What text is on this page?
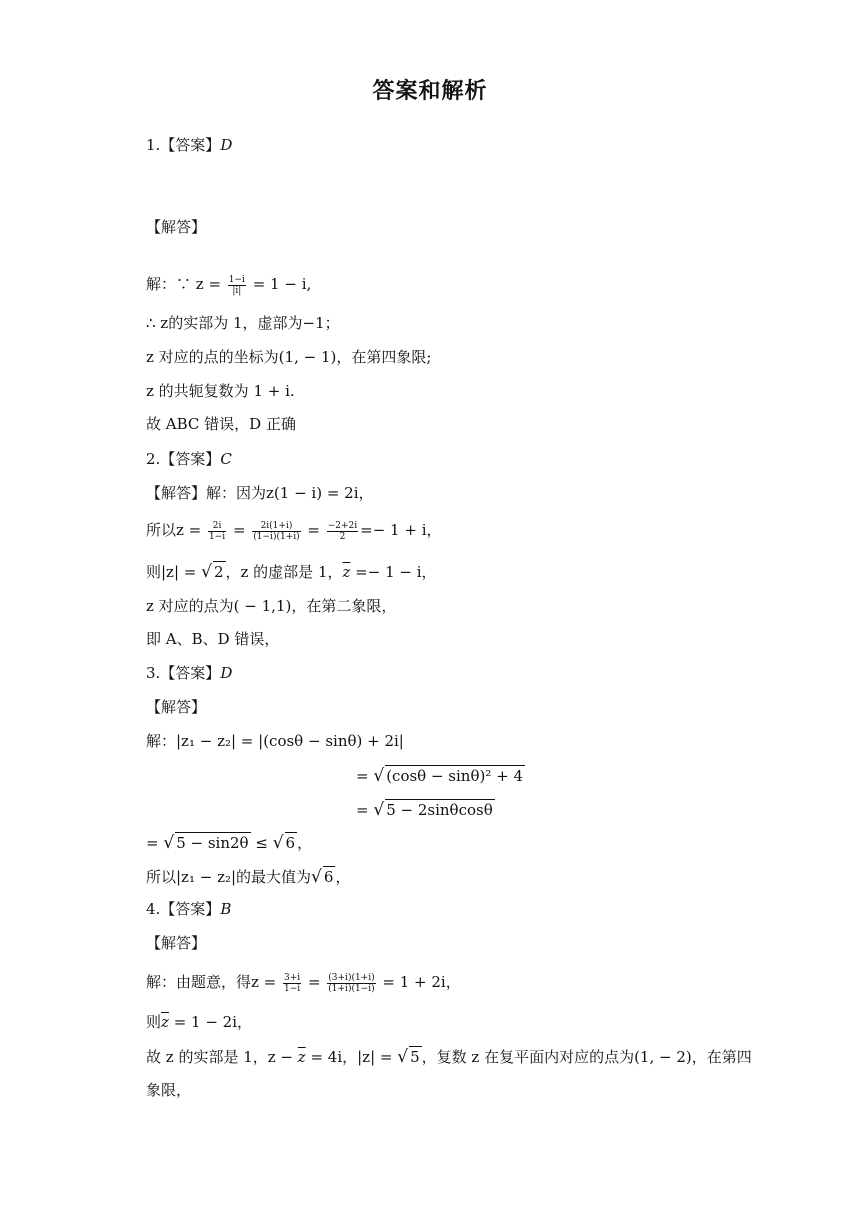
答案和解析
1.【答案】D
【解答】
解：∵ $z = \frac{1-i}{|i|} = 1 - i$,
∴ z的实部为 1，虚部为−1；
z 对应的点的坐标为(1, − 1)，在第四象限;
z 的共轭复数为 1 + i.
故 ABC 错误，D 正确
2.【答案】C
【解答】解：因为z(1 − i) = 2i，
所以$z = \frac{2i}{1-i} = \frac{2i(1+i)}{(1-i)(1+i)} = \frac{-2+2i}{2} =- 1 + i$，
则|z| = √ 2 ，z 的虚部是 1，$\overline{z} =- 1 - i$，
z 对应的点为( − 1,1)，在第二象限，
即 A、B、D 错误，
3.【答案】D
【解答】
解：|z₁ − z₂| = |(cosθ − sinθ) + 2i|
= √ (cosθ − sinθ)² + 4
= √ 5 − 2sinθcosθ
= √ 5 − sin2θ ≤ √ 6 ，
所以|z₁ − z₂|的最大值为√ 6 ，
4.【答案】B
【解答】
解：由题意，得$z = \frac{3+i}{1-i} = \frac{(3+i)(1+i)}{(1+i)(1-i)} = 1 + 2i$，
则$\overline{z} = 1 - 2i$，
故 z 的实部是 1，$z - \overline{z} = 4i$，|z| = √ 5 ，复数 z 在复平面内对应的点为(1, − 2)，在第四
象限，
